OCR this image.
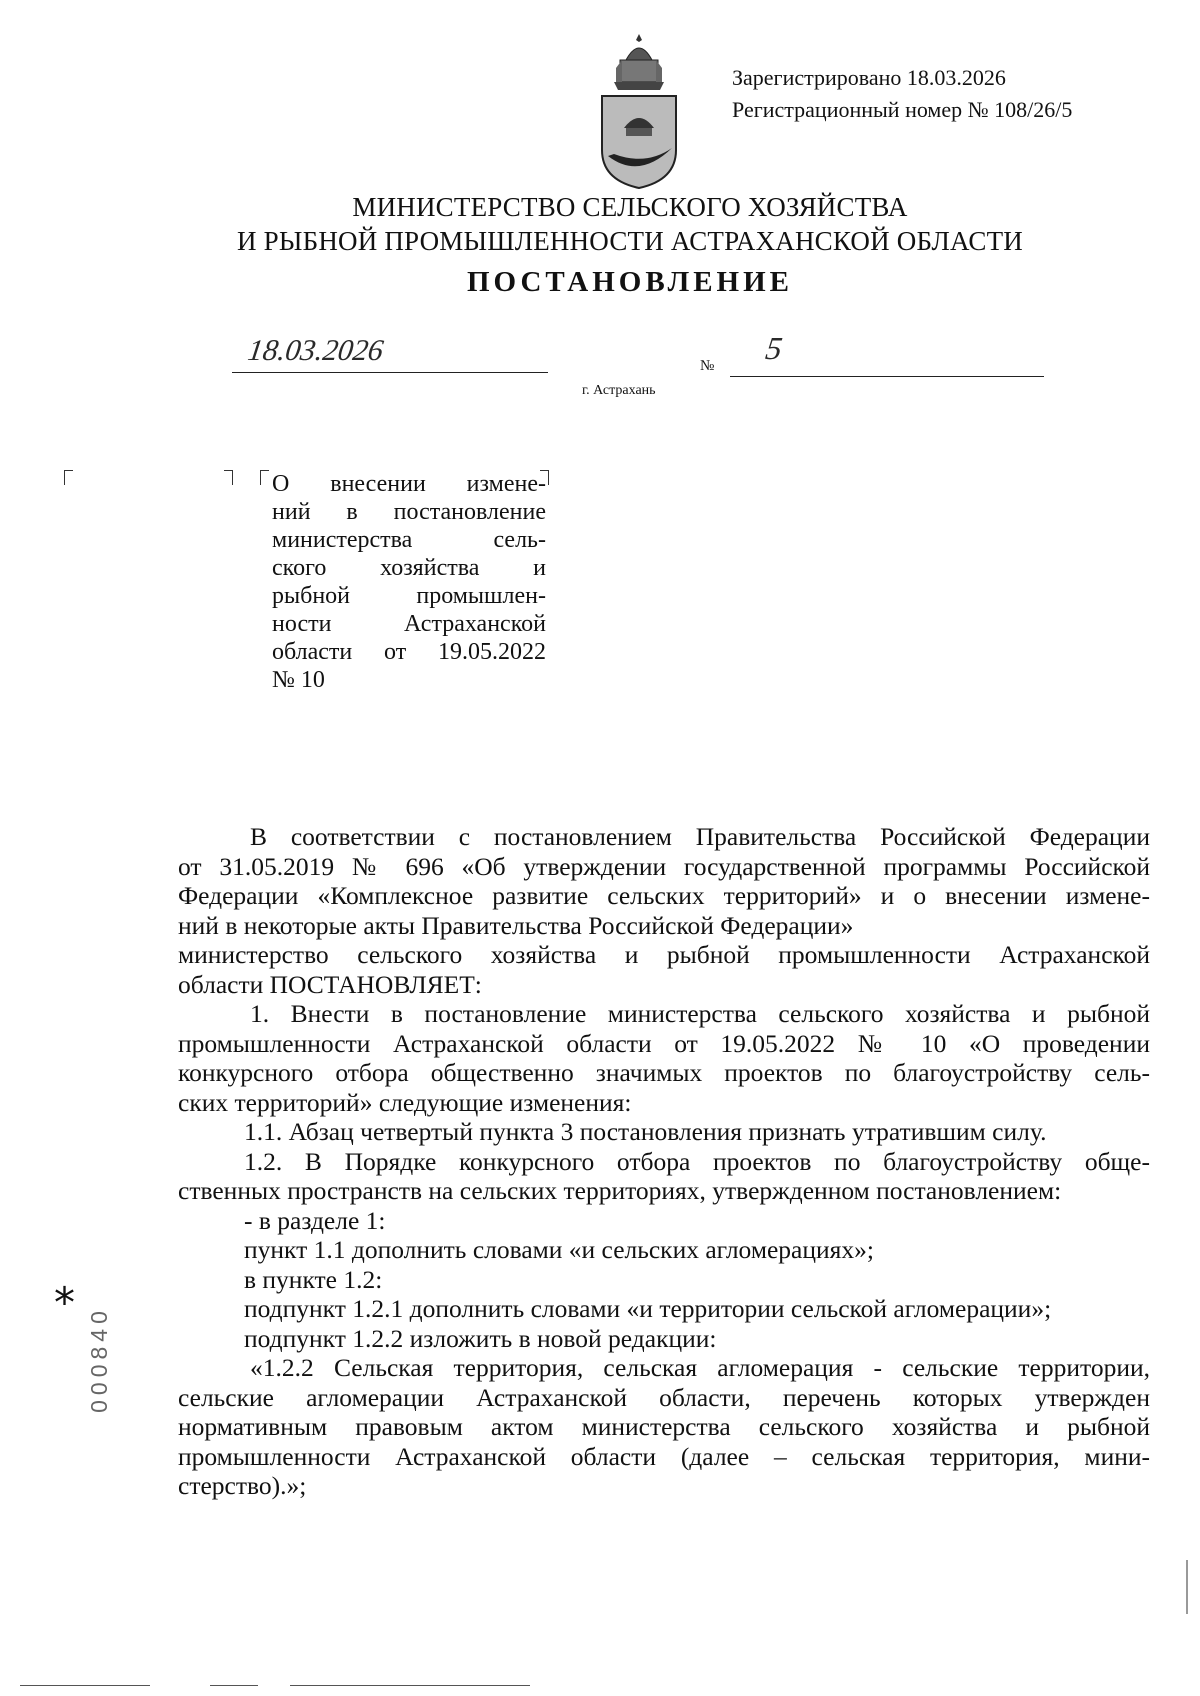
Зарегистрировано 18.03.2026
Регистрационный номер № 108/26/5
МИНИСТЕРСТВО СЕЛЬСКОГО ХОЗЯЙСТВА
И РЫБНОЙ ПРОМЫШЛЕННОСТИ АСТРАХАНСКОЙ ОБЛАСТИ
ПОСТАНОВЛЕНИЕ
18.03.2026	№ 5
г. Астрахань
О внесении измене-
ний в постановление
министерства сель-
ского хозяйства и
рыбной промышлен-
ности Астраханской
области от 19.05.2022
№ 10
В соответствии с постановлением Правительства Российской Федерации
от 31.05.2019 № 696 «Об утверждении государственной программы Российской
Федерации «Комплексное развитие сельских территорий» и о внесении измене-
ний в некоторые акты Правительства Российской Федерации»
министерство сельского хозяйства и рыбной промышленности Астраханской
области ПОСТАНОВЛЯЕТ:
1. Внести в постановление министерства сельского хозяйства и рыбной
промышленности Астраханской области от 19.05.2022 № 10 «О проведении
конкурсного отбора общественно значимых проектов по благоустройству сель-
ских территорий» следующие изменения:
1.1. Абзац четвертый пункта 3 постановления признать утратившим силу.
1.2. В Порядке конкурсного отбора проектов по благоустройству обще-
ственных пространств на сельских территориях, утвержденном постановлением:
- в разделе 1:
пункт 1.1 дополнить словами «и сельских агломерациях»;
в пункте 1.2:
подпункт 1.2.1 дополнить словами «и территории сельской агломерации»;
подпункт 1.2.2 изложить в новой редакции:
«1.2.2 Сельская территория, сельская агломерация - сельские территории,
сельские агломерации Астраханской области, перечень которых утвержден
нормативным правовым актом министерства сельского хозяйства и рыбной
промышленности Астраханской области (далее – сельская территория, мини-
стерство).»;
*
000840
